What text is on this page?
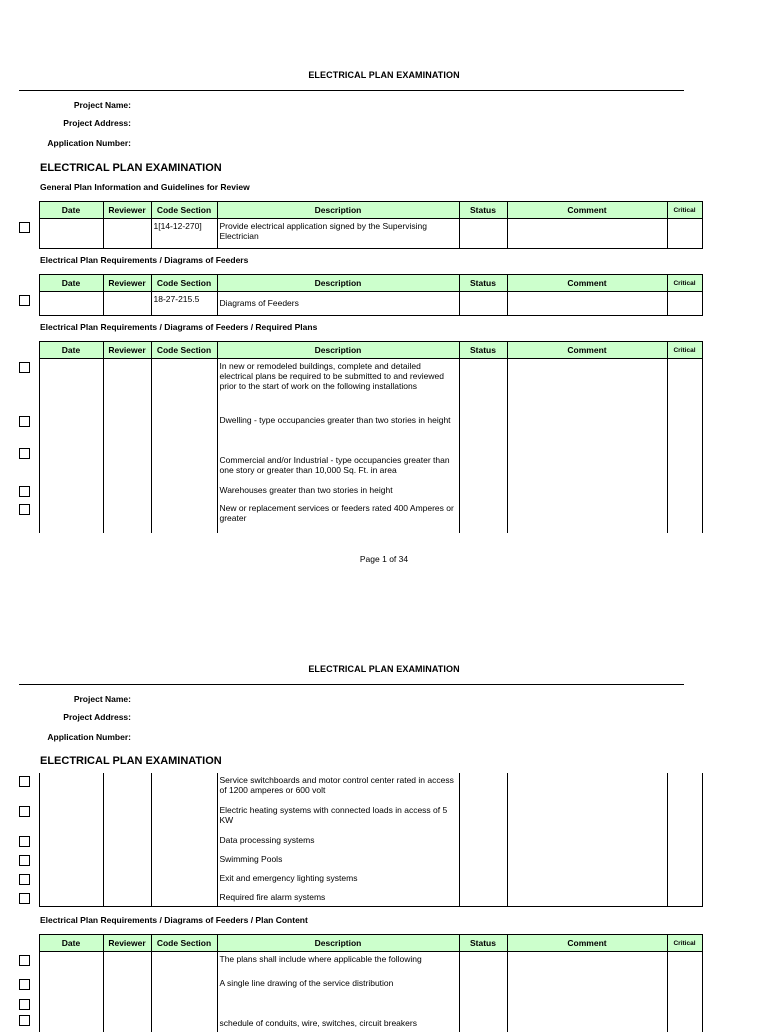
ELECTRICAL PLAN EXAMINATION
Project Name:
Project Address:
Application Number:
ELECTRICAL PLAN EXAMINATION
General Plan Information and Guidelines for Review
	Date	Reviewer	Code Section	Description	Status	Comment	Critical

			1[14-12-270]	Provide electrical application signed by the Supervising Electrician			
Electrical Plan Requirements / Diagrams of Feeders
	Date	Reviewer	Code Section	Description	Status	Comment	Critical

			18-27-215.5	Diagrams of Feeders			
Electrical Plan Requirements / Diagrams of Feeders / Required Plans
	Date	Reviewer	Code Section	Description	Status	Comment	Critical

				In new or remodeled buildings, complete and detailed electrical plans be required to be submitted to and reviewed prior to the start of work on the following installations			

				Dwelling - type occupancies greater than two stories in height			

				Commercial and/or Industrial - type occupancies greater than one story or greater than 10,000 Sq. Ft. in area			

				Warehouses greater than two stories in height			

				New or replacement services or feeders rated 400 Amperes or greater			
Page 1 of 34
ELECTRICAL PLAN EXAMINATION
Project Name:
Project Address:
Application Number:
ELECTRICAL PLAN EXAMINATION
				Service switchboards and motor control center rated in access of 1200 amperes or 600 volt			

				Electric heating systems with connected loads in access of 5 KW			

				Data processing systems			

				Swimming Pools			

				Exit and emergency lighting systems			

				Required fire alarm systems			
Electrical Plan Requirements / Diagrams of Feeders / Plan Content
	Date	Reviewer	Code Section	Description	Status	Comment	Critical

				The plans shall include where applicable the following			

				A single line drawing of the service distribution			

				schedule of conduits, wire, switches, circuit breakers			
